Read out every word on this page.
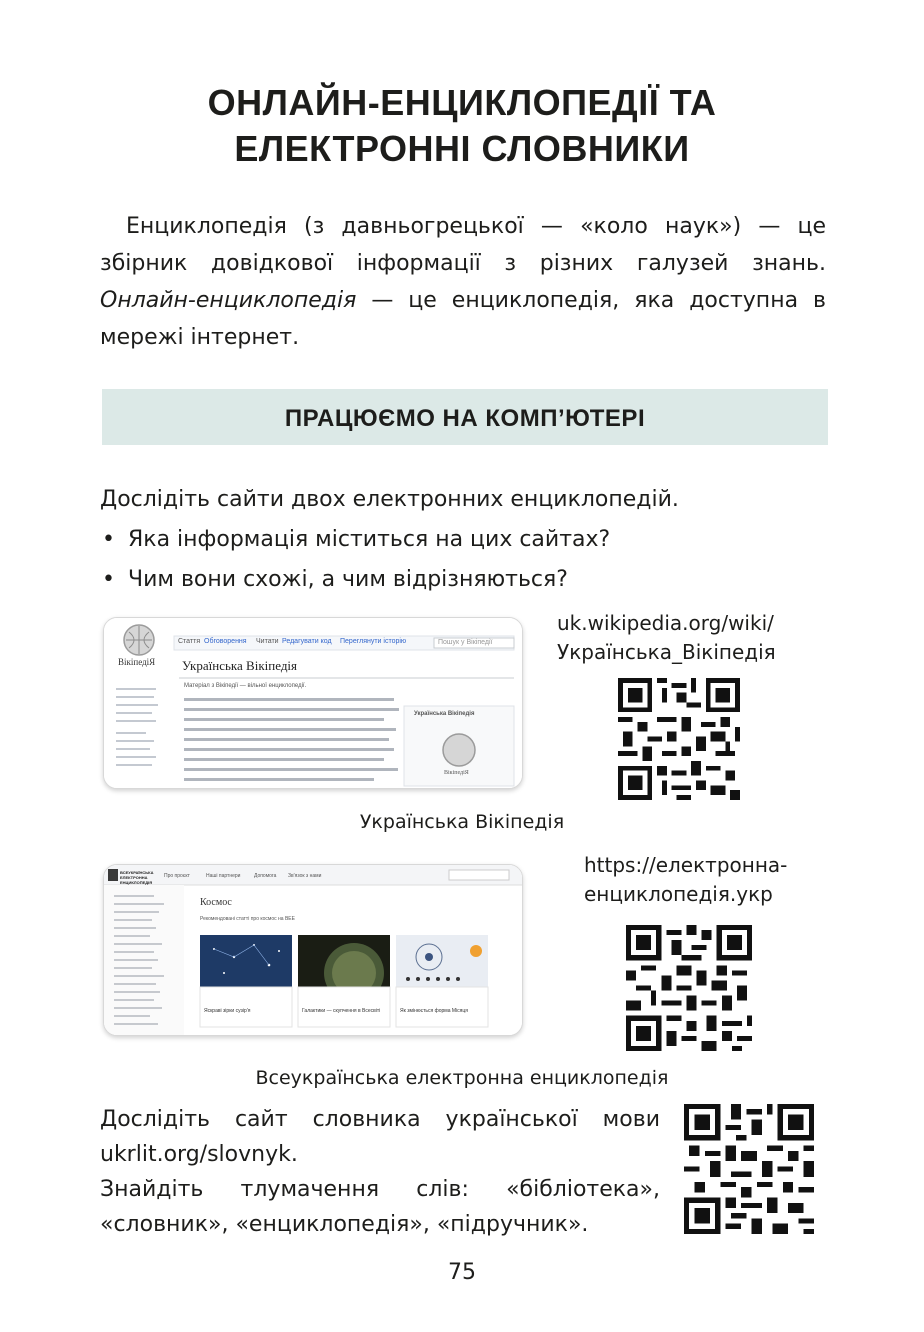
ОНЛАЙН-ЕНЦИКЛОПЕДІЇ ТА
ЕЛЕКТРОННІ СЛОВНИКИ

Енциклопедія (з давньогрецької — «коло наук») — це збірник довідкової інформації з різних галузей знань. Онлайн-енциклопедія — це енциклопедія, яка доступна в мережі інтернет.

ПРАЦЮЄМО НА КОМП’ЮТЕРІ
Дослідіть сайти двох електронних енциклопедій.
• Яка інформація міститься на цих сайтах?
• Чим вони схожі, а чим відрізняються?
ВікіпедіЯ
Стаття Обговорення Читати Редагувати код Переглянути історію	Пошук у Вікіпедії
Українська Вікіпедія
Матеріал з Вікіпедії — вільної енциклопедії.
Українська Вікіпедія
ВікіпедіЯ
uk.wikipedia.org/wiki/
Українська_Вікіпедія
Українська Вікіпедія
ВСЕУКРАЇНСЬКА ЕЛЕКТРОННА ЕНЦИКЛОПЕДІЯ
Про проєкт	Наші партнери	Допомога Зв'язок з нами
Космос
Рекомендовані статті про космос на ВЕЕ
Яскраві зірки сузір'я	Галактики — скупчення в Всесвіті	Як змінюється форма Місяця
https://електронна-
енциклопедія.укр
Всеукраїнська електронна енциклопедія

Дослідіть сайт словника української мови ukrlit.org/slovnyk.

Знайдіть тлумачення слів: «бібліотека», «словник», «енциклопедія», «підручник».

75
